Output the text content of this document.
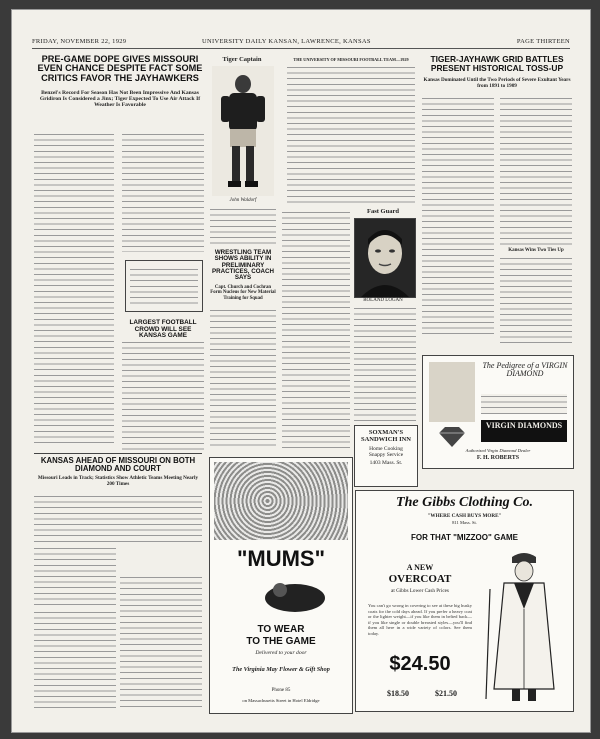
FRIDAY, NOVEMBER 22, 1929	UNIVERSITY DAILY KANSAN, LAWRENCE, KANSAS	PAGE THIRTEEN
PRE-GAME DOPE GIVES MISSOURI EVEN CHANCE DESPITE FACT SOME CRITICS FAVOR THE JAYHAWKERS
Benzel's Record For Season Has Not Been Impressive And Kansas Gridiron Is Considered a Jinx; Tiger Expected To Use Air Attack If Weather Is Favorable
LARGEST FOOTBALL CROWD WILL SEE KANSAS GAME
Tiger Captain
John Waldorf
WRESTLING TEAM SHOWS ABILITY IN PRELIMINARY PRACTICES, COACH SAYS
Capt. Church and Cochran Form Nucleus for New Material Training for Squad
THE UNIVERSITY OF MISSOURI FOOTBALL TEAM—1929
Fast Guard
ROLAND LOGAN
TIGER-JAYHAWK GRID BATTLES PRESENT HISTORICAL TOSS-UP
Kansas Dominated Until the Two Periods of Severe Exultant Years from 1891 to 1909
Kansas Wins Two Ties Up
The Pedigree of a VIRGIN DIAMOND
VIRGIN DIAMONDS
Authorized Virgin Diamond Dealer
F. H. ROBERTS
SOXMAN'S SANDWICH INN
Home Cooking
Snappy Service
1403 Mass. St.
KANSAS AHEAD OF MISSOURI ON BOTH DIAMOND AND COURT
Missouri Leads in Track; Statistics Show Athletic Teams Meeting Nearly 200 Times
"MUMS"
TO WEAR
TO THE GAME
Delivered to your door
The Virginia May Flower & Gift Shop
Phone 85
on Massachusetts Street in Hotel Eldridge
The Gibbs Clothing Co.
"WHERE CASH BUYS MORE"
811 Mass. St.
FOR THAT "MIZZOO" GAME
A NEW
OVERCOAT
at Gibbs Lower Cash Prices
You can't go wrong in covering to see at these big husky coats for the cold days ahead. If you prefer a heavy coat or the lighter weight—if you like them in belted back—if you like single or double breasted styles—you'll find them all here in a wide variety of colors. See them today.
$24.50
$18.50	$21.50
